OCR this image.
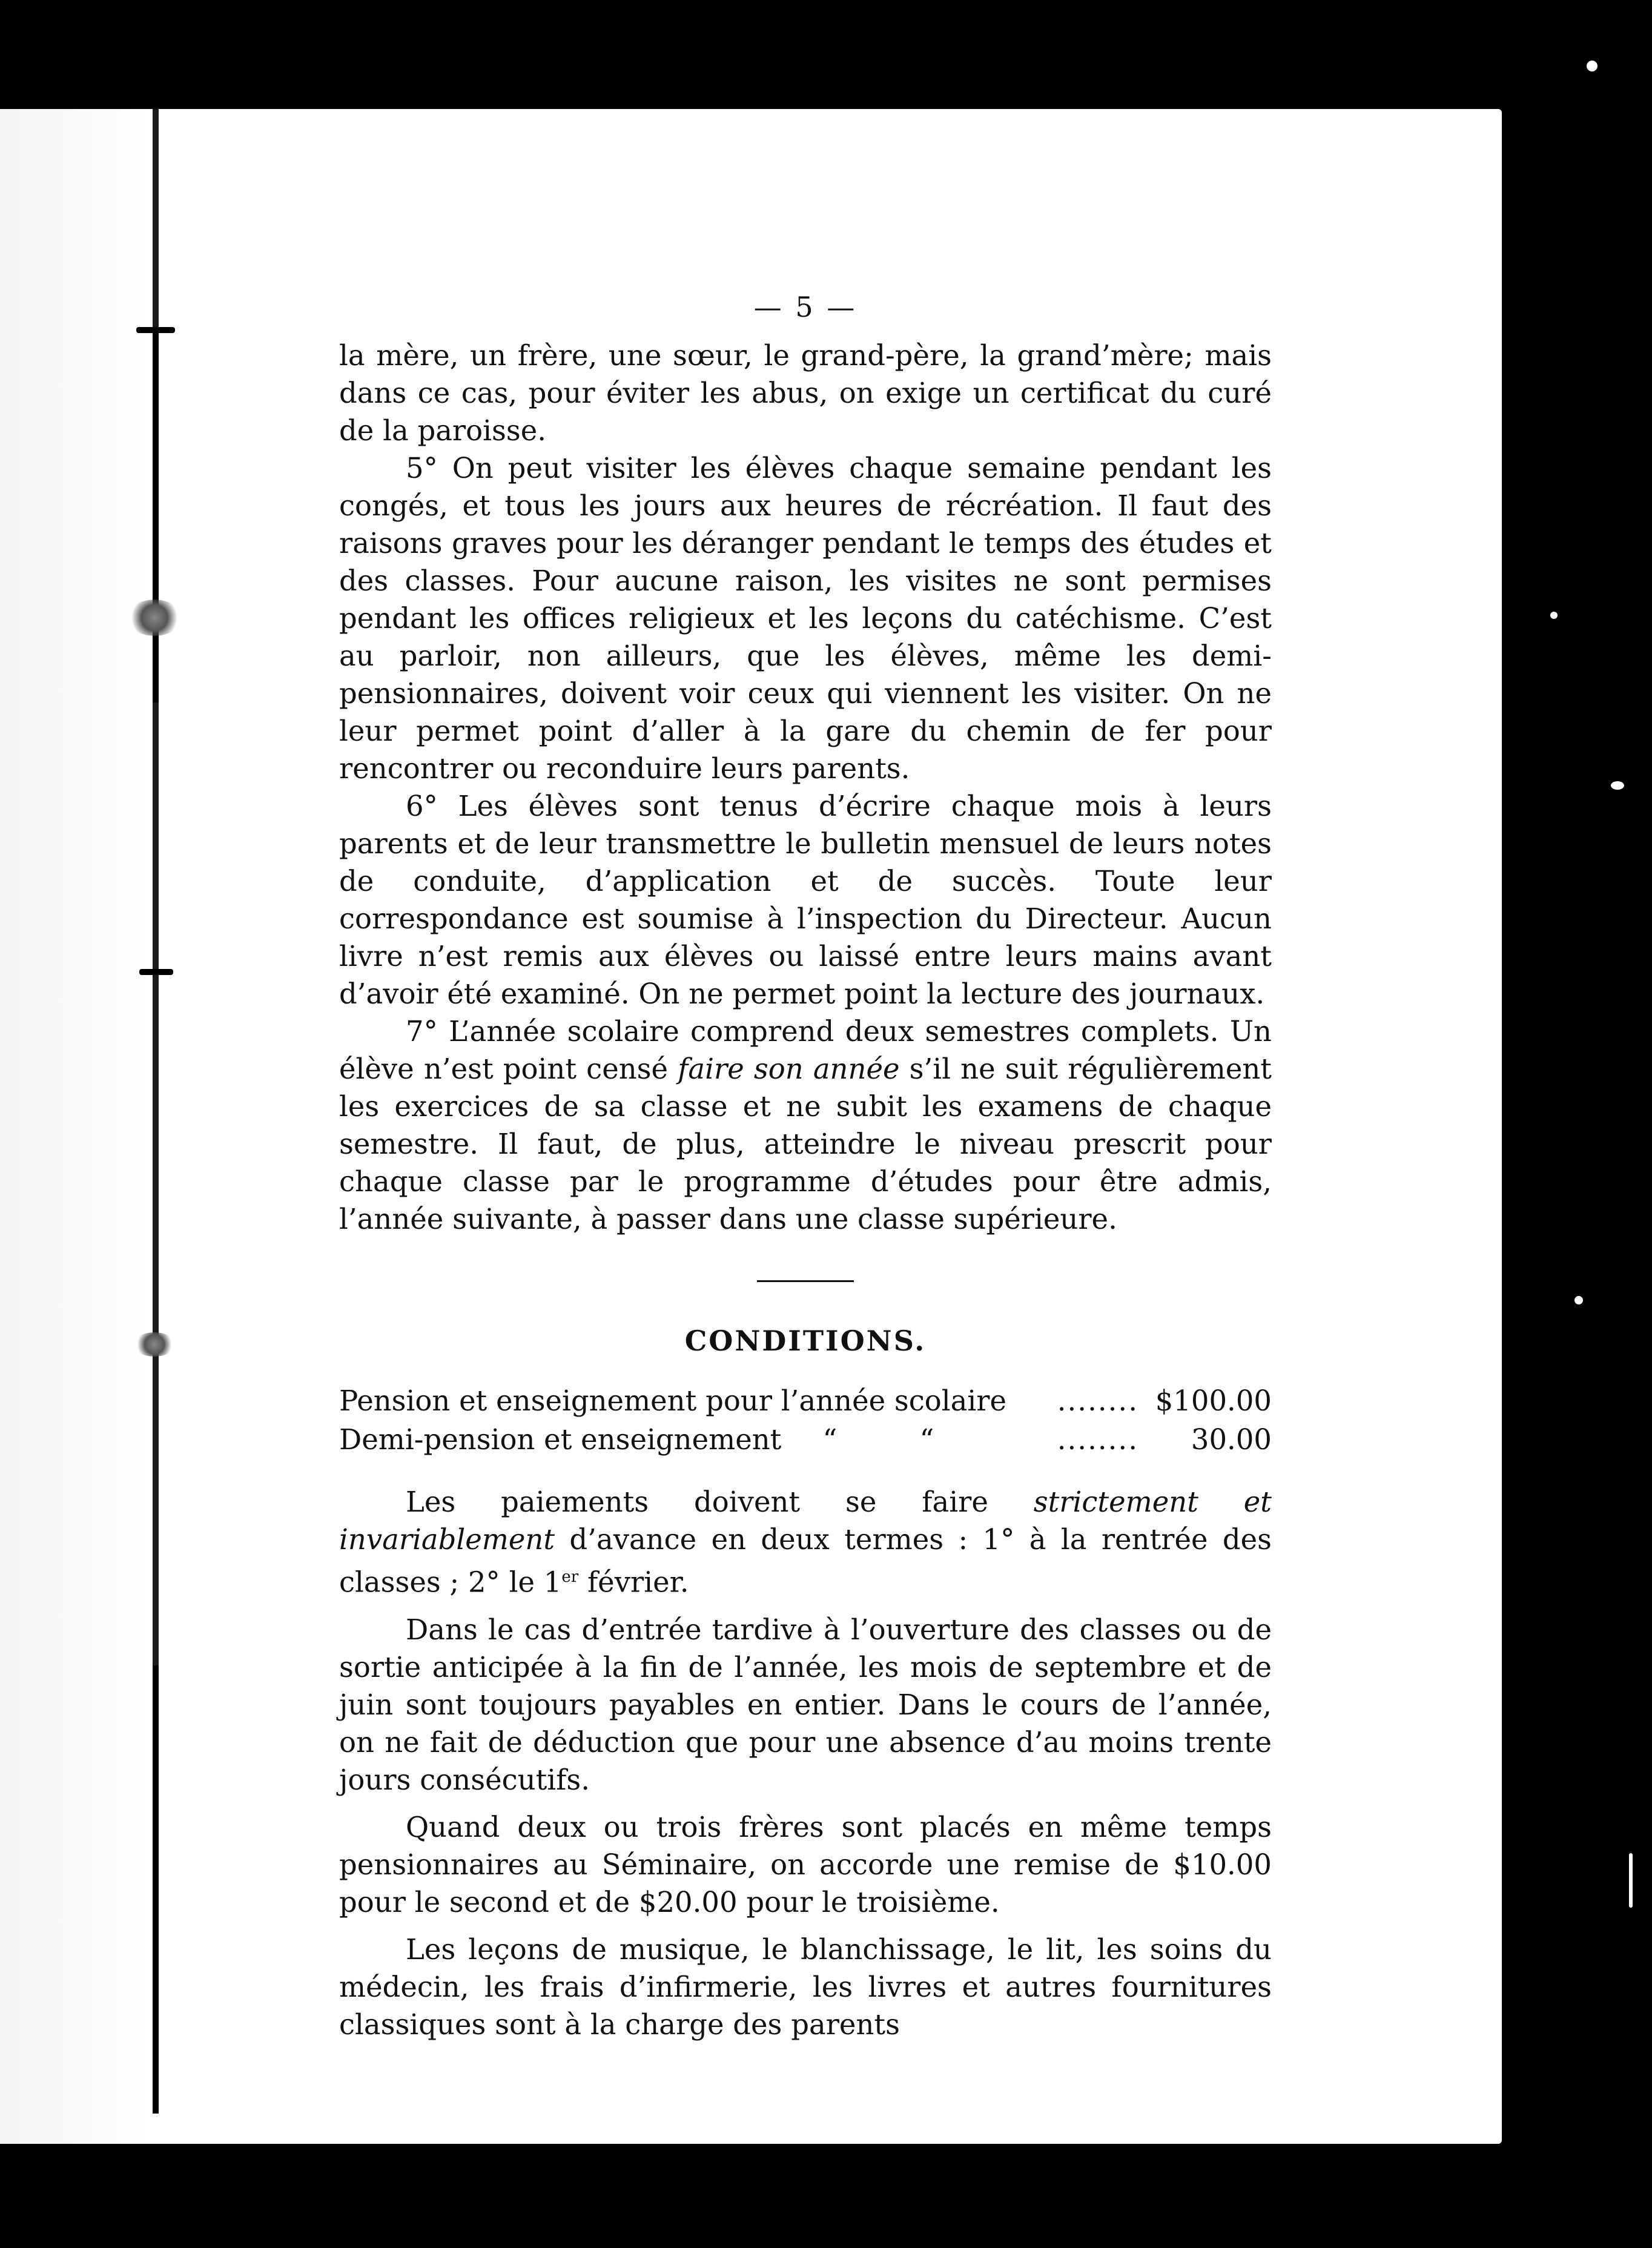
— 5 —

la mère, un frère, une sœur, le grand-père, la grand’mère; mais dans ce cas, pour éviter les abus, on exige un certificat du curé de la paroisse.

5° On peut visiter les élèves chaque semaine pendant les congés, et tous les jours aux heures de récréation. Il faut des raisons graves pour les déranger pendant le temps des études et des classes. Pour aucune raison, les visites ne sont permises pendant les offices religieux et les leçons du catéchisme. C’est au parloir, non ailleurs, que les élèves, même les demi-pensionnaires, doivent voir ceux qui viennent les visiter. On ne leur permet point d’aller à la gare du chemin de fer pour rencontrer ou reconduire leurs parents.

6° Les élèves sont tenus d’écrire chaque mois à leurs parents et de leur transmettre le bulletin mensuel de leurs notes de conduite, d’application et de succès. Toute leur correspondance est soumise à l’inspection du Directeur. Aucun livre n’est remis aux élèves ou laissé entre leurs mains avant d’avoir été examiné. On ne permet point la lecture des journaux.

7° L’année scolaire comprend deux semestres complets. Un élève n’est point censé faire son année s’il ne suit régulièrement les exercices de sa classe et ne subit les examens de chaque semestre. Il faut, de plus, atteindre le niveau prescrit pour chaque classe par le programme d’études pour être admis, l’année suivante, à passer dans une classe supérieure.

CONDITIONS.

Pension et enseignement pour l’année scolaire	........ $100.00
Demi-pension et enseignement	“	“	........	30.00

Les paiements doivent se faire strictement et invariablement d’avance en deux termes : 1° à la rentrée des classes ; 2° le 1er février.

Dans le cas d’entrée tardive à l’ouverture des classes ou de sortie anticipée à la fin de l’année, les mois de septembre et de juin sont toujours payables en entier. Dans le cours de l’année, on ne fait de déduction que pour une absence d’au moins trente jours consécutifs.

Quand deux ou trois frères sont placés en même temps pensionnaires au Séminaire, on accorde une remise de $10.00 pour le second et de $20.00 pour le troisième.

Les leçons de musique, le blanchissage, le lit, les soins du médecin, les frais d’infirmerie, les livres et autres fournitures classiques sont à la charge des parents
